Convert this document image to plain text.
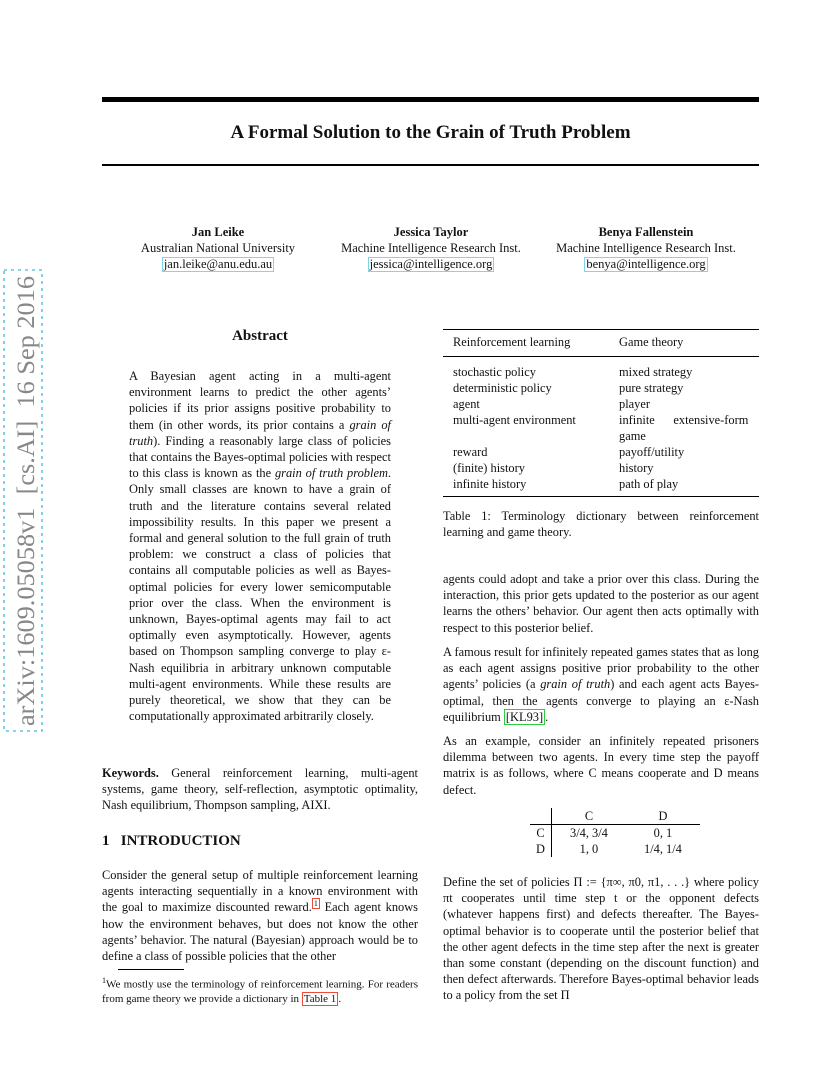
A Formal Solution to the Grain of Truth Problem
Jan Leike
Australian National University
jan.leike@anu.edu.au
Jessica Taylor
Machine Intelligence Research Inst.
jessica@intelligence.org
Benya Fallenstein
Machine Intelligence Research Inst.
benya@intelligence.org
arXiv:1609.05058v1  [cs.AI]  16 Sep 2016	Abstract
A Bayesian agent acting in a multi-agent environment learns to predict the other agents’ policies if its prior assigns positive probability to them (in other words, its prior contains a grain of truth). Finding a reasonably large class of policies that contains the Bayes-optimal policies with respect to this class is known as the grain of truth problem. Only small classes are known to have a grain of truth and the literature contains several related impossibility results. In this paper we present a formal and general solution to the full grain of truth problem: we construct a class of policies that contains all computable policies as well as Bayes-optimal policies for every lower semicomputable prior over the class. When the environment is unknown, Bayes-optimal agents may fail to act optimally even asymptotically. However, agents based on Thompson sampling converge to play ε-Nash equilibria in arbitrary unknown computable multi-agent environments. While these results are purely theoretical, we show that they can be computationally approximated arbitrarily closely.
Keywords. General reinforcement learning, multi-agent systems, game theory, self-reflection, asymptotic optimality, Nash equilibrium, Thompson sampling, AIXI.
1   INTRODUCTION
Consider the general setup of multiple reinforcement learning agents interacting sequentially in a known environment with the goal to maximize discounted reward. $^1$ Each agent knows how the environment behaves, but does not know the other agents’ behavior. The natural (Bayesian) approach would be to define a class of possible policies that the other
$^1$We mostly use the terminology of reinforcement learning. For readers from game theory we provide a dictionary in Table 1 .
Reinforcement learning	Game theory
stochastic policy	mixed strategy
deterministic policy	pure strategy
agent	player
multi-agent environment	infinite      extensive-form game
reward	payoff/utility
(finite) history	history
infinite history	path of play
Table 1: Terminology dictionary between reinforcement learning and game theory.
agents could adopt and take a prior over this class. During the interaction, this prior gets updated to the posterior as our agent learns the others’ behavior. Our agent then acts optimally with respect to this posterior belief.
A famous result for infinitely repeated games states that as long as each agent assigns positive prior probability to the other agents’ policies (a grain of truth) and each agent acts Bayes-optimal, then the agents converge to playing an ε-Nash equilibrium [KL93] .
As an example, consider an infinitely repeated prisoners dilemma between two agents. In every time step the payoff matrix is as follows, where C means cooperate and D means defect.
	C	D
C	3/4, 3/4	0, 1
D	1, 0	1/4, 1/4
Define the set of policies Π := {π∞, π0, π1, . . .} where policy πt cooperates until time step t or the opponent defects (whatever happens first) and defects thereafter. The Bayes-optimal behavior is to cooperate until the posterior belief that the other agent defects in the time step after the next is greater than some constant (depending on the discount function) and then defect afterwards. Therefore Bayes-optimal behavior leads to a policy from the set Π
